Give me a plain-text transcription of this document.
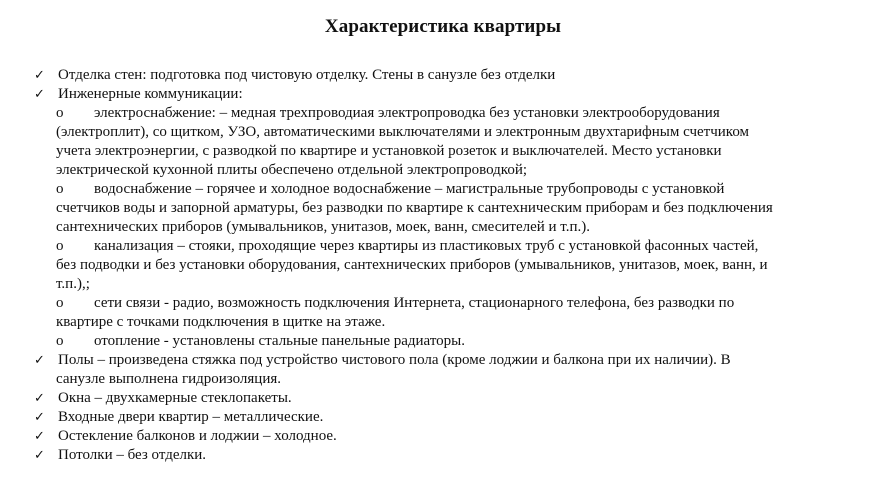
Характеристика квартиры
✓ Отделка стен: подготовка под чистовую отделку. Стены в санузле без отделки
✓ Инженерные коммуникации:
o электроснабжение: – медная трехпроводиая электропроводка без установки электрооборудования
(электроплит), со щитком, УЗО, автоматическими выключателями и электронным двухтарифным счетчиком
учета электроэнергии, с разводкой по квартире и установкой розеток и выключателей. Место установки
электрической кухонной плиты обеспечено отдельной электропроводкой;
o водоснабжение – горячее и холодное водоснабжение – магистральные трубопроводы с установкой
счетчиков воды и запорной арматуры, без разводки по квартире к сантехническим приборам и без подключения
сантехнических приборов (умывальников, унитазов, моек, ванн, смесителей и т.п.).
o канализация – стояки, проходящие через квартиры из пластиковых труб с установкой фасонных частей,
без подводки и без установки оборудования, сантехнических приборов (умывальников, унитазов, моек, ванн, и
т.п.),;
o сети связи - радио, возможность подключения Интернета, стационарного телефона, без разводки по
квартире с точками подключения в щитке на этаже.
o отопление - установлены стальные панельные радиаторы.
✓ Полы – произведена стяжка под устройство чистового пола (кроме лоджии и балкона при их наличии). В
санузле выполнена гидроизоляция.
✓ Окна – двухкамерные стеклопакеты.
✓ Входные двери квартир – металлические.
✓ Остекление балконов и лоджии – холодное.
✓ Потолки – без отделки.
